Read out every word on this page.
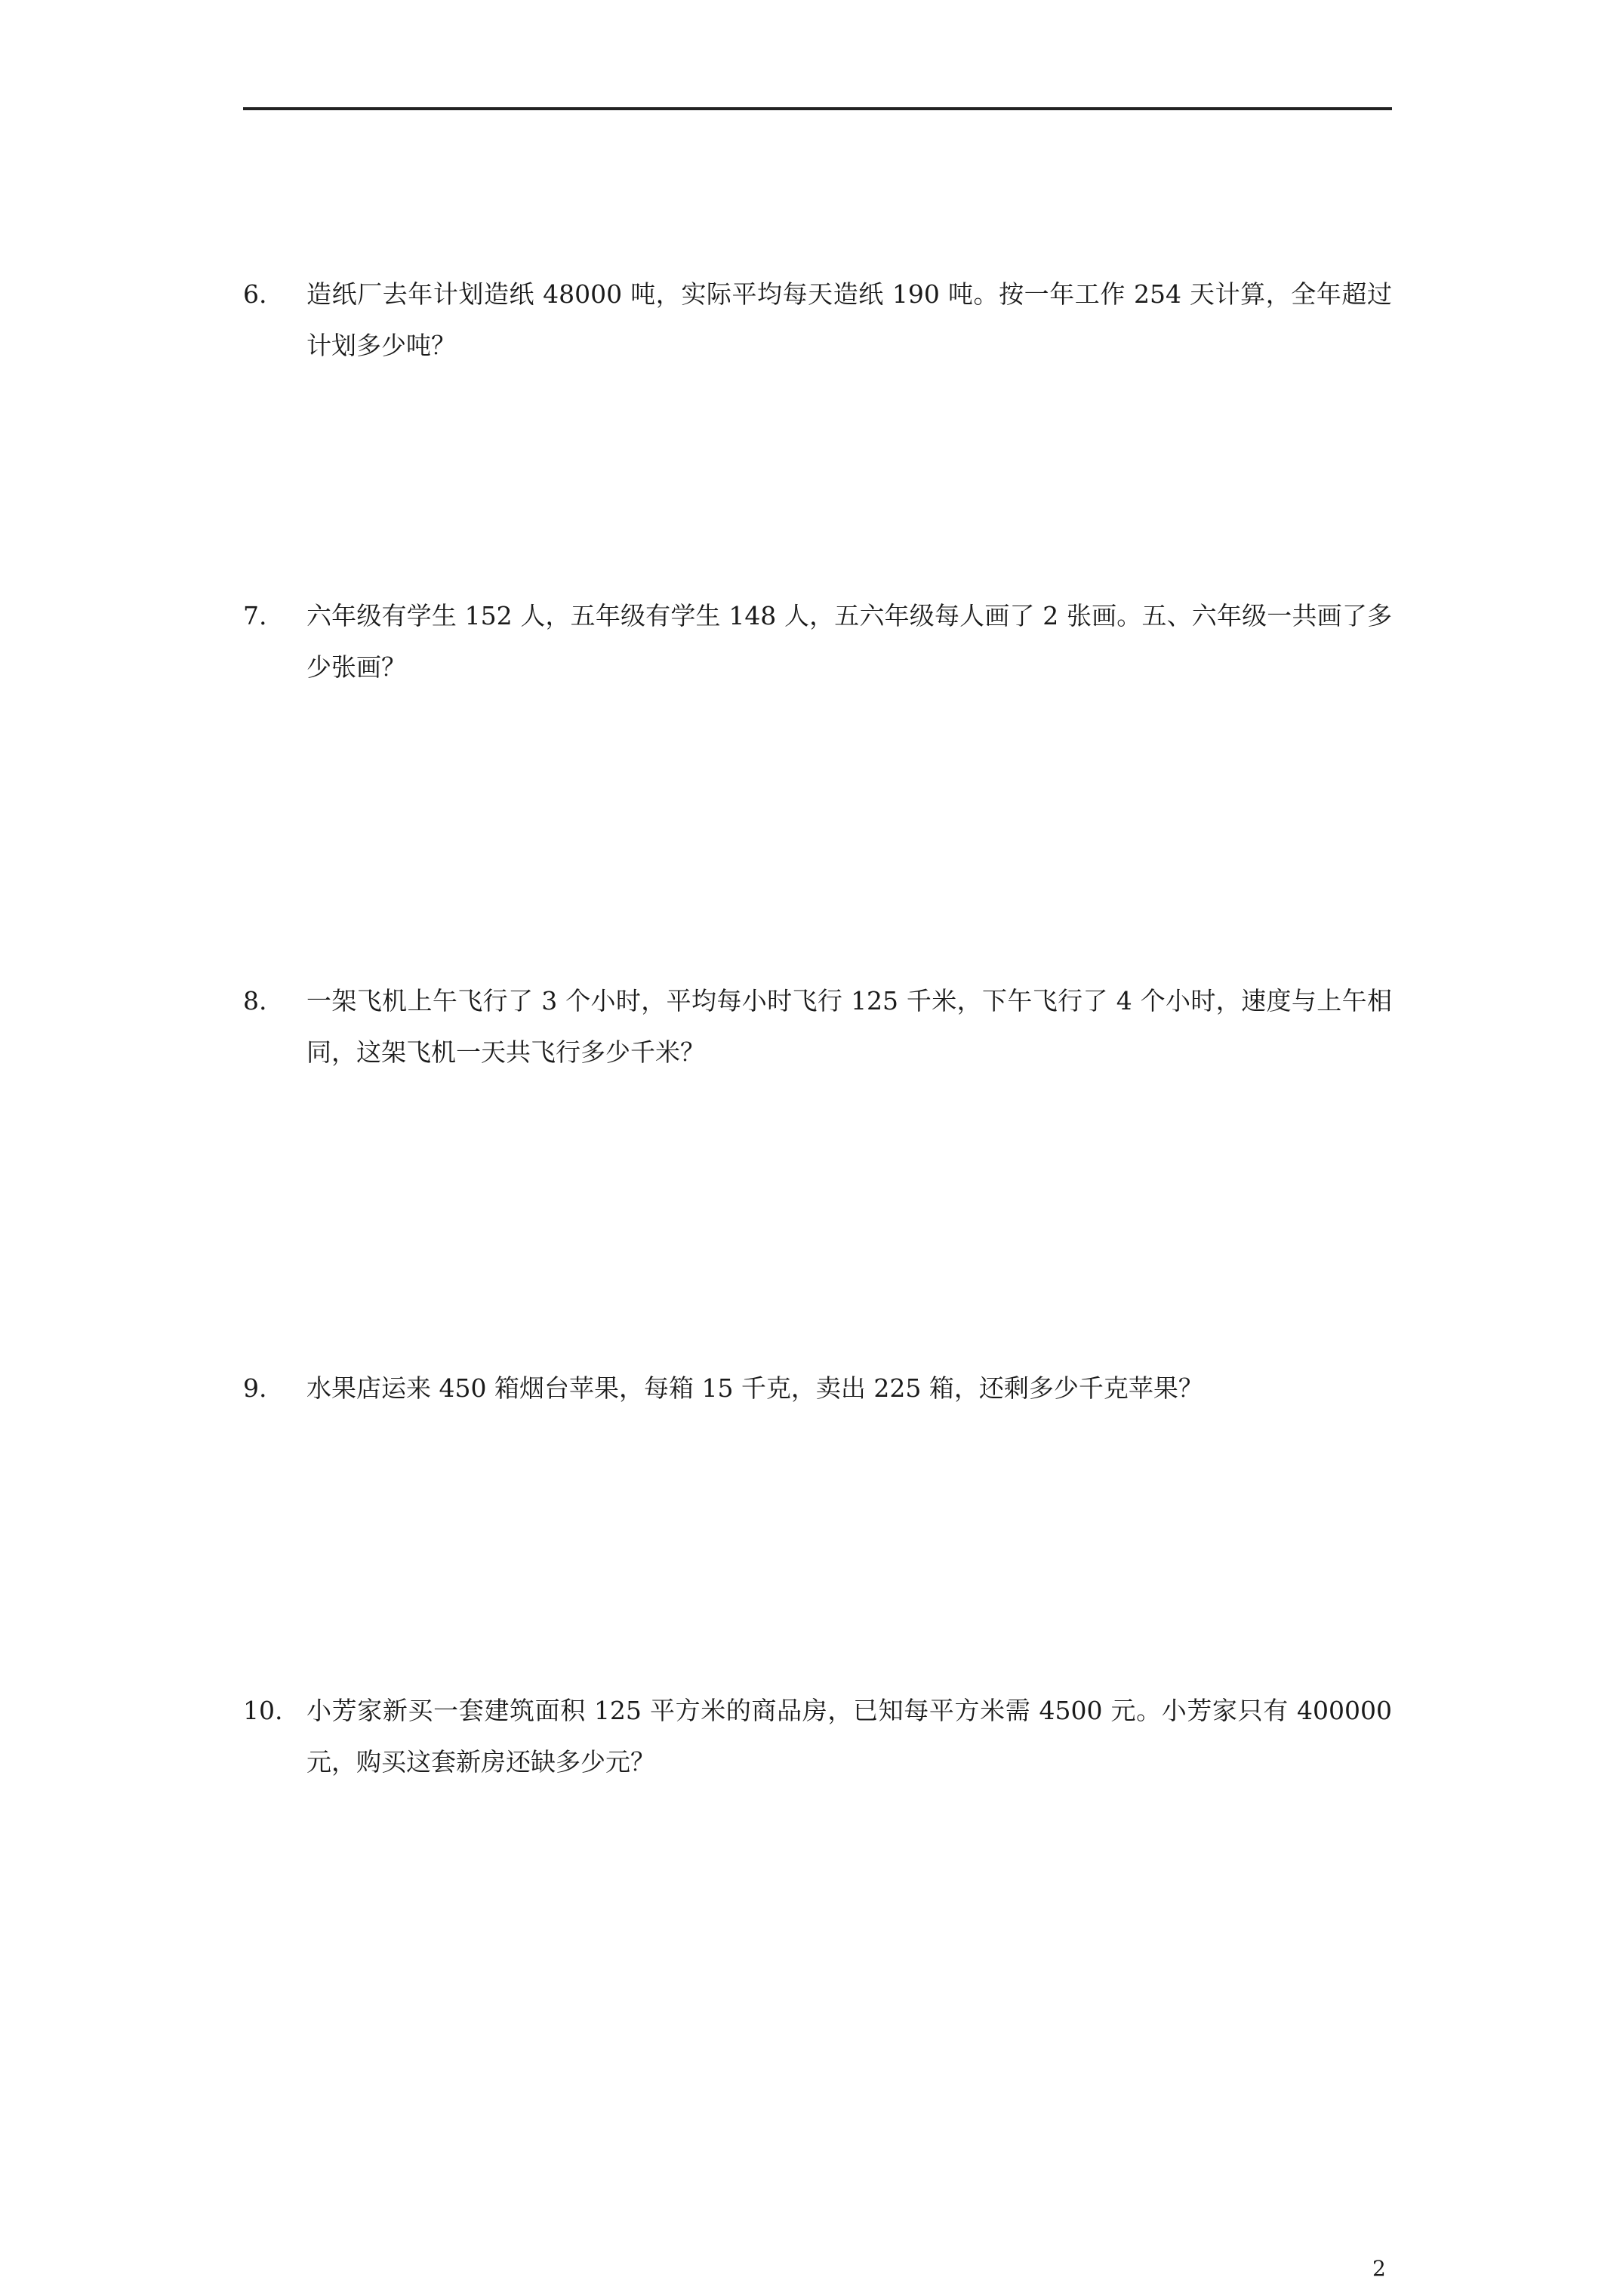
6.	造纸厂去年计划造纸 48000 吨，实际平均每天造纸 190 吨。按一年工作 254 天计算，全年超过计划多少吨？
7.	六年级有学生 152 人，五年级有学生 148 人，五六年级每人画了 2 张画。五、六年级一共画了多少张画？
8.	一架飞机上午飞行了 3 个小时，平均每小时飞行 125 千米，下午飞行了 4 个小时，速度与上午相同，这架飞机一天共飞行多少千米？
9.	水果店运来 450 箱烟台苹果，每箱 15 千克，卖出 225 箱，还剩多少千克苹果？
10. 小芳家新买一套建筑面积 125 平方米的商品房，已知每平方米需 4500 元。小芳家只有 400000 元，购买这套新房还缺多少元？
2
